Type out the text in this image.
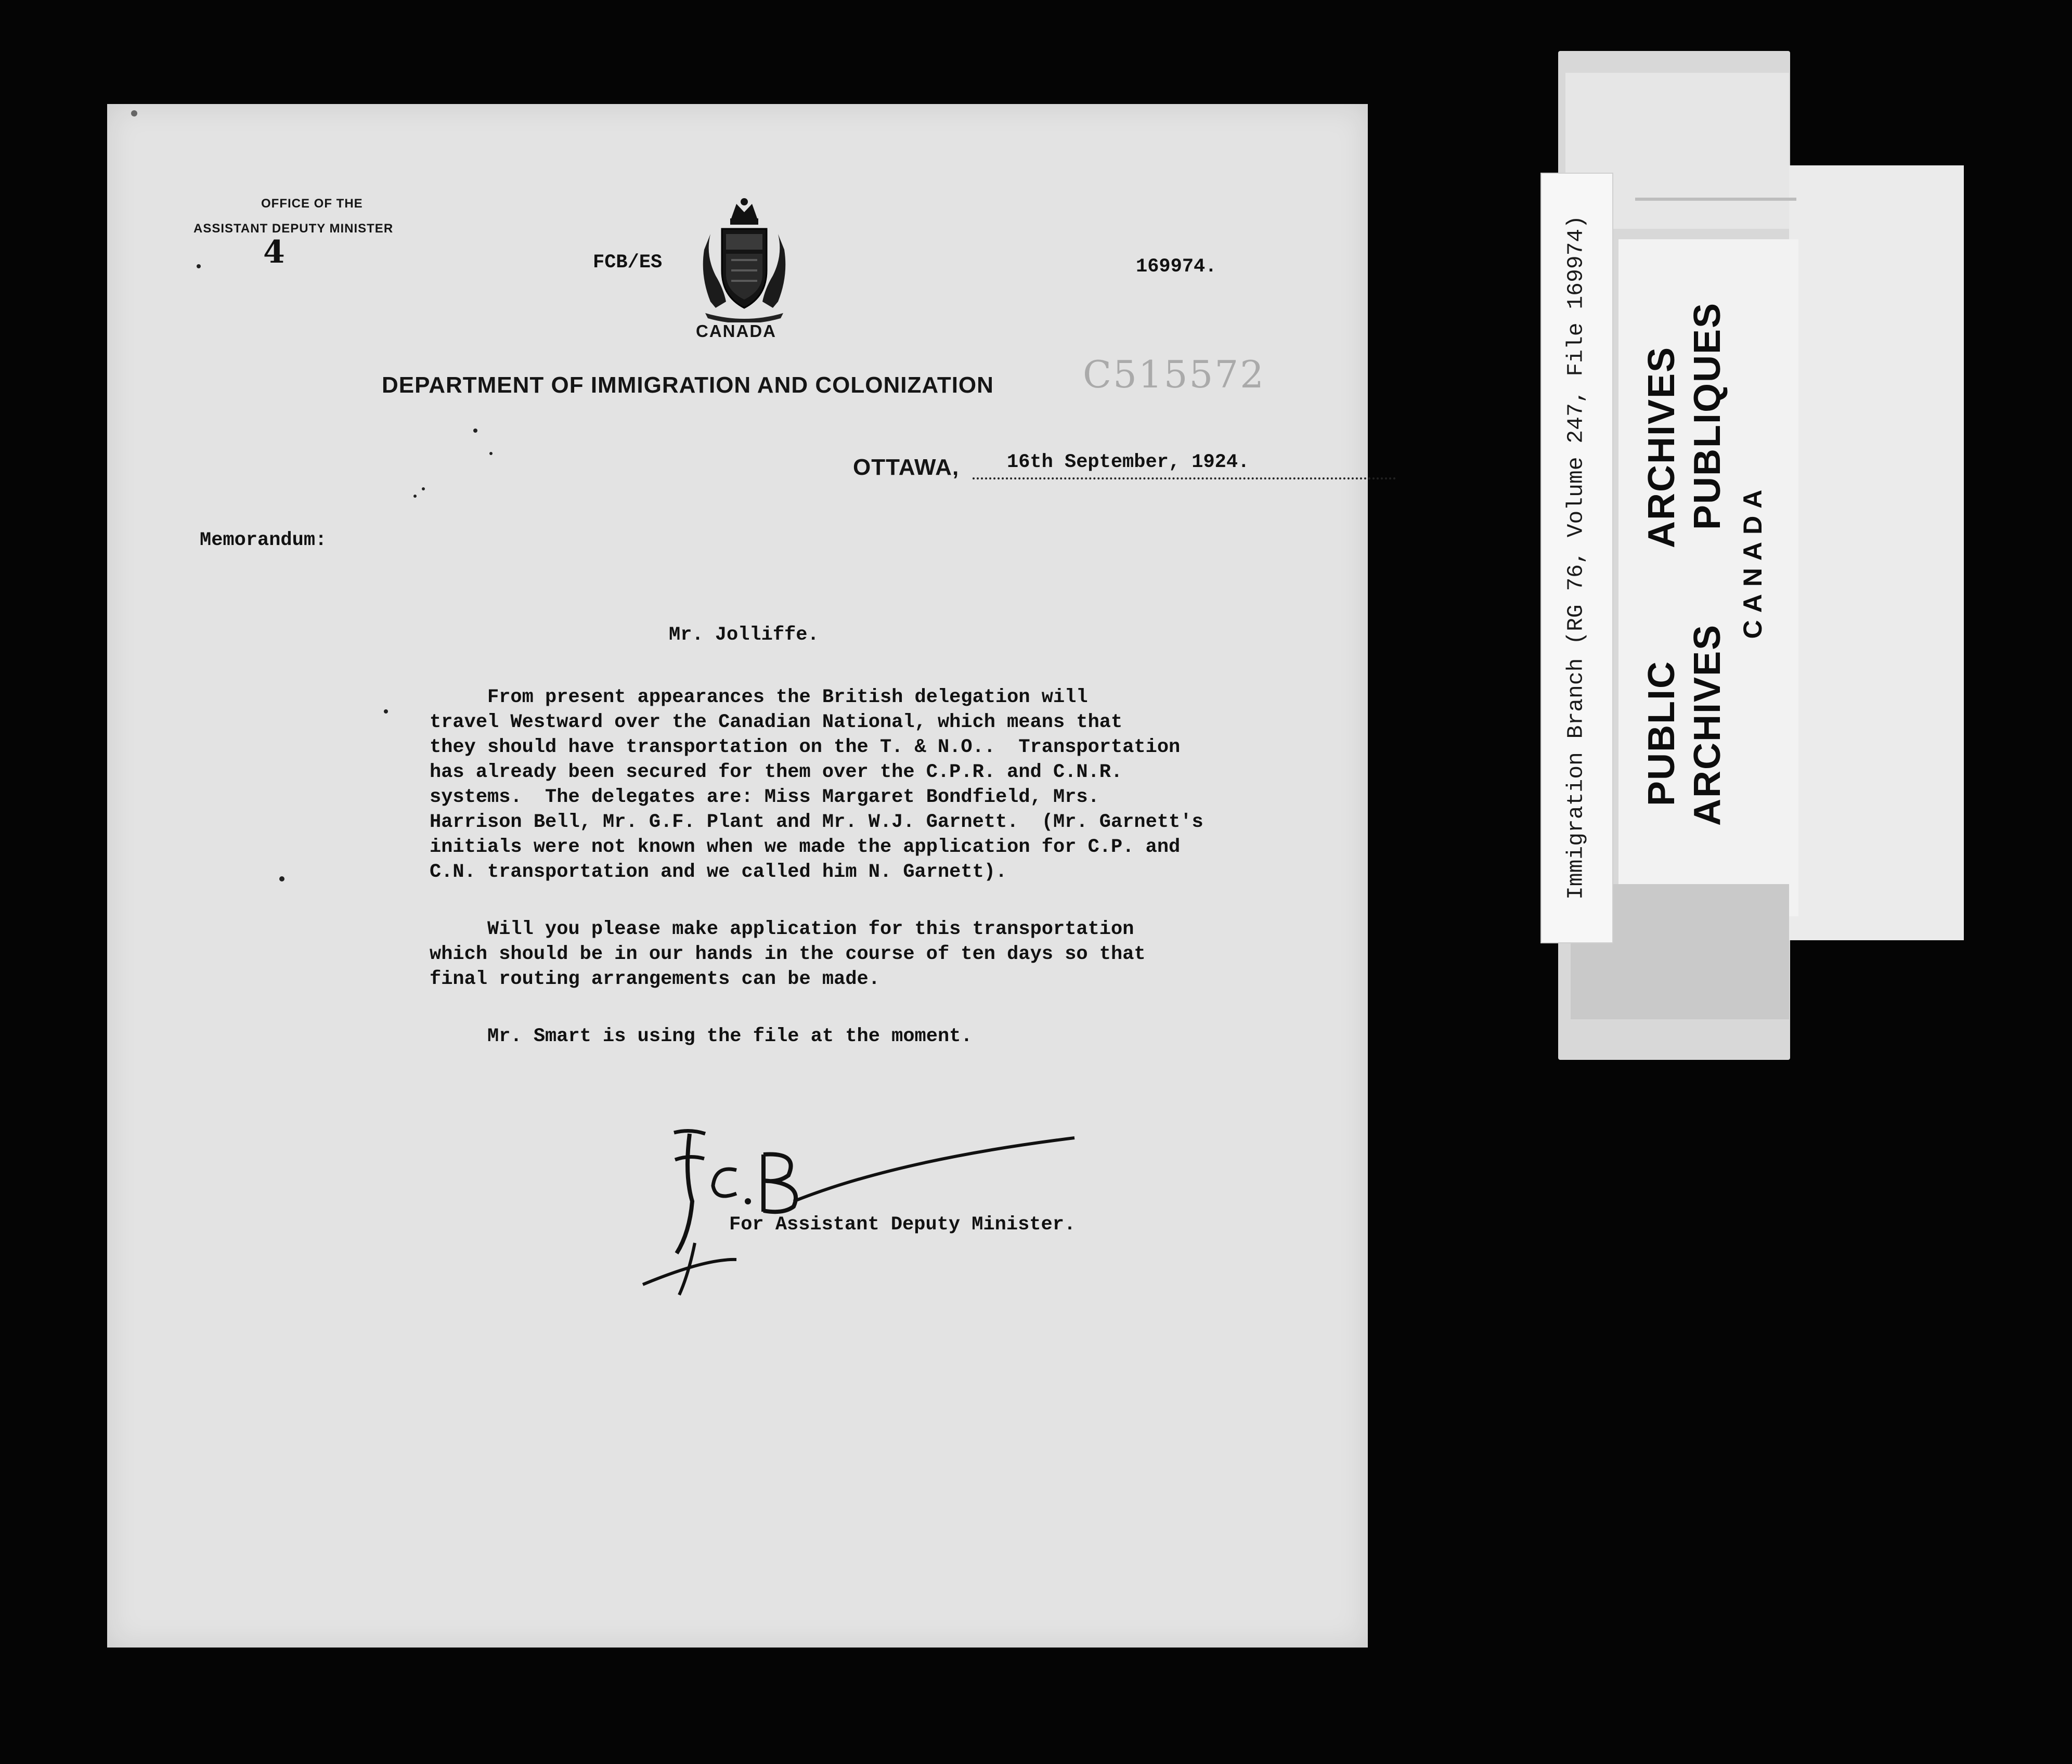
OFFICE OF THE
ASSISTANT DEPUTY MINISTER
4	FCB/ES	169974.
CANADA
DEPARTMENT OF IMMIGRATION AND COLONIZATION C515572
OTTAWA, 16th September, 1924.
Memorandum:
Mr. Jolliffe.
From present appearances the British delegation will
travel Westward over the Canadian National, which means that
they should have transportation on the T. & N.O..  Transportation
has already been secured for them over the C.P.R. and C.N.R.
systems.  The delegates are: Miss Margaret Bondfield, Mrs.
Harrison Bell, Mr. G.F. Plant and Mr. W.J. Garnett.  (Mr. Garnett's
initials were not known when we made the application for C.P. and
C.N. transportation and we called him N. Garnett).
Will you please make application for this transportation
which should be in our hands in the course of ten days so that
final routing arrangements can be made.
Mr. Smart is using the file at the moment.
For Assistant Deputy Minister.
Immigration Branch (RG 76, Volume 247, File 169974) PUBLIC
ARCHIVES
ARCHIVES
PUBLIQUES
CANADA
